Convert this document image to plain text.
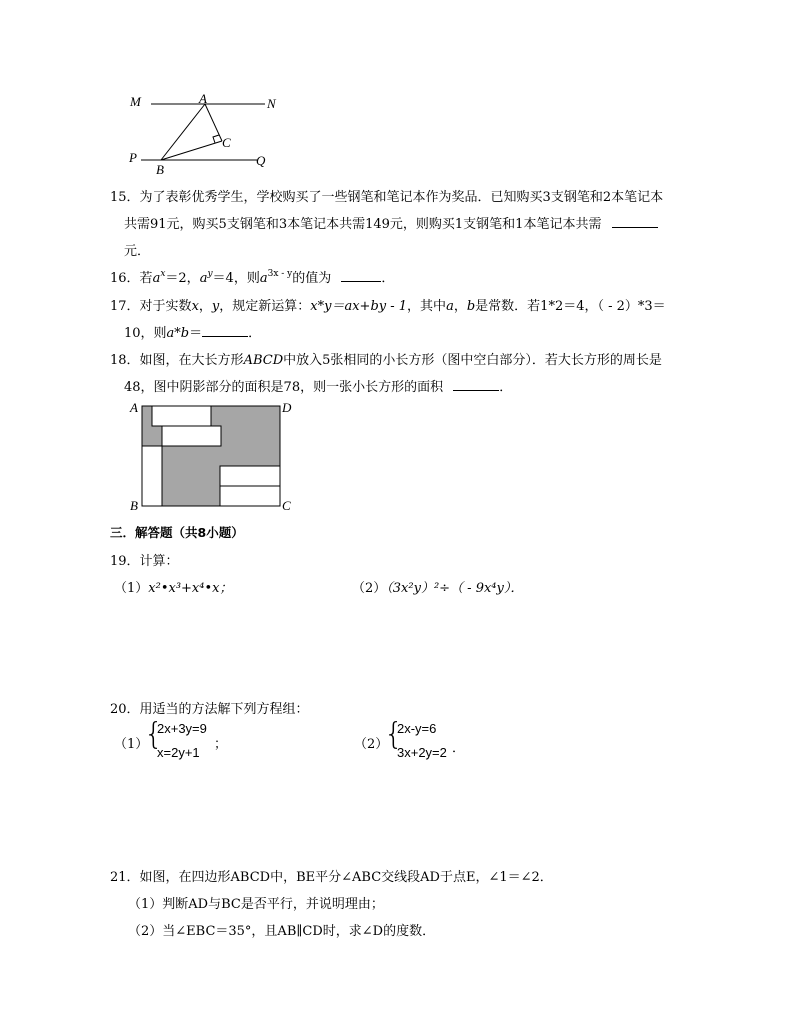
M	A	N
C
P
B
Q
15．为了表彰优秀学生，学校购买了一些钢笔和笔记本作为奖品．已知购买3支钢笔和2本笔记本
共需91元，购买5支钢笔和3本笔记本共需149元，则购买1支钢笔和1本笔记本共需
元．
16．若$a^x=2$，$a^y=4$，则$a^{3x - y}$的值为	．
17．对于实数x，y，规定新运算：x*y＝ax+by - 1，其中a，b是常数．若1*2＝4，（ - 2）*3＝
10，则a*b＝	．
18．如图，在大长方形ABCD中放入5张相同的小长方形（图中空白部分）．若大长方形的周长是
48，图中阴影部分的面积是78，则一张小长方形的面积	．
A	D
B	C
三．解答题（共8小题）
19．计算：
（1）x²•x³+x⁴•x；	（2）（3x²y）²÷（ - 9x⁴y）．
20．用适当的方法解下列方程组：
（1）
{
2x+3y=9
x=2y+1
；	（2）
{
2x-y=6
3x+2y=2 ．
21．如图，在四边形ABCD中，BE平分∠ABC交线段AD于点E，∠1＝∠2．
（1）判断AD与BC是否平行，并说明理由；
（2）当∠EBC＝35°，且AB∥CD时，求∠D的度数．
